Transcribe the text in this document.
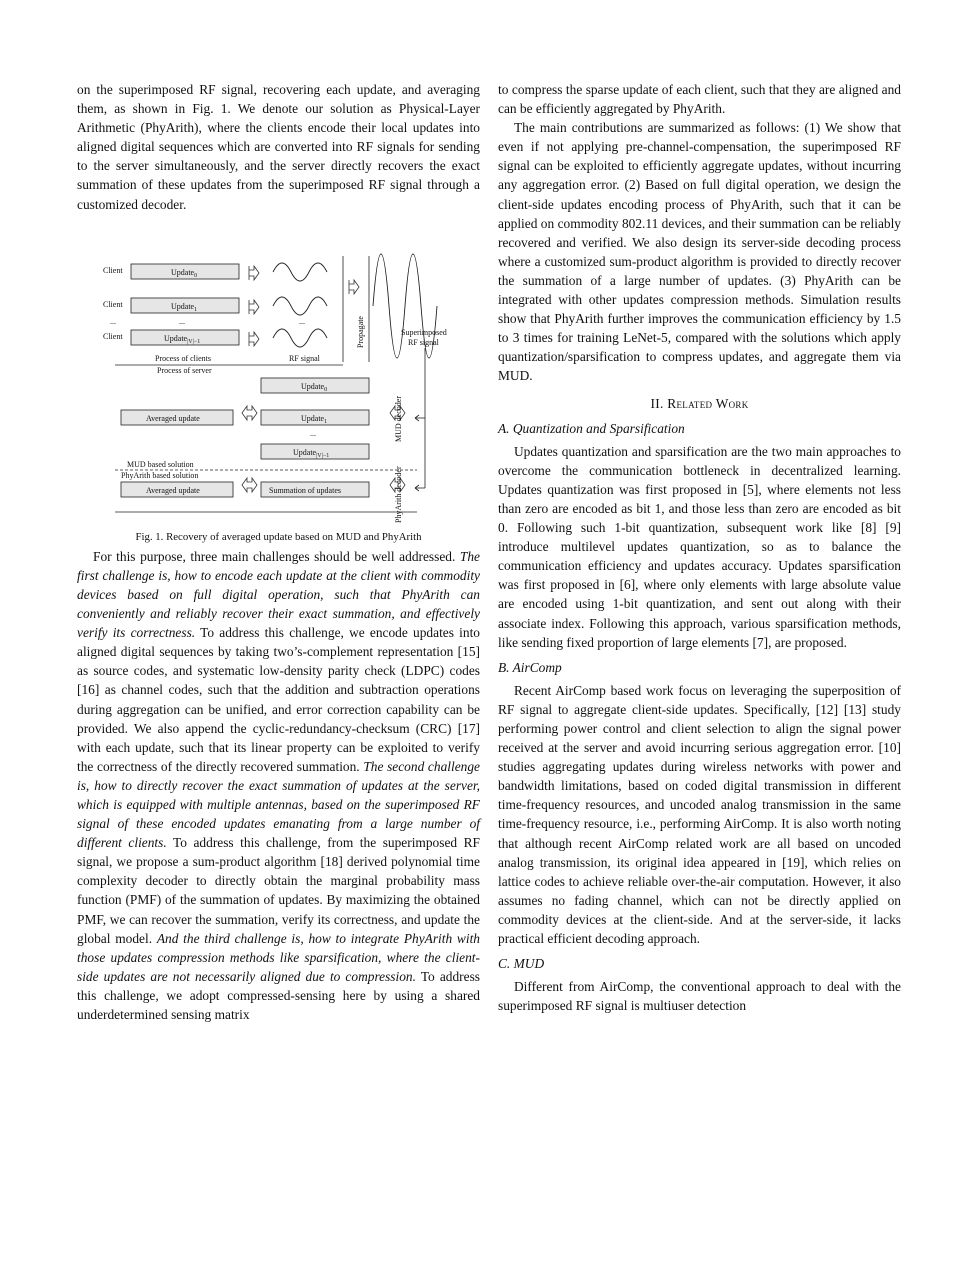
on the superimposed RF signal, recovering each update, and averaging them, as shown in Fig. 1. We denote our solution as Physical-Layer Arithmetic (PhyArith), where the clients encode their local updates into aligned digital sequences which are converted into RF signals for sending to the server simultaneously, and the server directly recovers the exact summation of these updates from the superimposed RF signal through a customized decoder.

Client	Update$_0$
Client	Update$_1$
...	...
Client	Update$_{|V|-1}$
...
RF signal
Propagate	Superimposed
RF signal
Process of clients
Process of server
Update$_0$
Update$_1$
...
Update$_{|V|-1}$
MUD decoder
Averaged update
MUD based solution
PhyArith based solution
Averaged update	Summation of updates	PhyArith decoder

Fig. 1. Recovery of averaged update based on MUD and PhyArith

For this purpose, three main challenges should be well addressed. The first challenge is, how to encode each update at the client with commodity devices based on full digital operation, such that PhyArith can conveniently and reliably recover their exact summation, and effectively verify its correctness. To address this challenge, we encode updates into aligned digital sequences by taking two’s-complement representation [15] as source codes, and systematic low-density parity check (LDPC) codes [16] as channel codes, such that the addition and subtraction operations during aggregation can be unified, and error correction capability can be provided. We also append the cyclic-redundancy-checksum (CRC) [17] with each update, such that its linear property can be exploited to verify the correctness of the directly recovered summation. The second challenge is, how to directly recover the exact summation of updates at the server, which is equipped with multiple antennas, based on the superimposed RF signal of these encoded updates emanating from a large number of different clients. To address this challenge, from the superimposed RF signal, we propose a sum-product algorithm [18] derived polynomial time complexity decoder to directly obtain the marginal probability mass function (PMF) of the summation of updates. By maximizing the obtained PMF, we can recover the summation, verify its correctness, and update the global model. And the third challenge is, how to integrate PhyArith with those updates compression methods like sparsification, where the client-side updates are not necessarily aligned due to compression. To address this challenge, we adopt compressed-sensing here by using a shared underdetermined sensing matrix

to compress the sparse update of each client, such that they are aligned and can be efficiently aggregated by PhyArith.

The main contributions are summarized as follows: (1) We show that even if not applying pre-channel-compensation, the superimposed RF signal can be exploited to efficiently aggregate updates, without incurring any aggregation error. (2) Based on full digital operation, we design the client-side updates encoding process of PhyArith, such that it can be applied on commodity 802.11 devices, and their summation can be reliably recovered and verified. We also design its server-side decoding process where a customized sum-product algorithm is provided to directly recover the summation of a large number of updates. (3) PhyArith can be integrated with other updates compression methods. Simulation results show that PhyArith further improves the communication efficiency by 1.5 to 3 times for training LeNet-5, compared with the solutions which apply quantization/sparsification to compress updates, and aggregate them via MUD.

II. Related Work
A. Quantization and Sparsification

Updates quantization and sparsification are the two main approaches to overcome the communication bottleneck in decentralized learning. Updates quantization was first proposed in [5], where elements not less than zero are encoded as bit 1, and those less than zero are encoded as bit 0. Following such 1-bit quantization, subsequent work like [8] [9] introduce multilevel updates quantization, so as to balance the communication efficiency and updates accuracy. Updates sparsification was first proposed in [6], where only elements with large absolute value are encoded using 1-bit quantization, and sent out along with their associate index. Following this approach, various sparsification methods, like sending fixed proportion of large elements [7], are proposed.

B. AirComp

Recent AirComp based work focus on leveraging the superposition of RF signal to aggregate client-side updates. Specifically, [12] [13] study performing power control and client selection to align the signal power received at the server and avoid incurring serious aggregation error. [10] studies aggregating updates during wireless networks with power and bandwidth limitations, based on coded digital transmission in different time-frequency resources, and uncoded analog transmission in the same time-frequency resource, i.e., performing AirComp. It is also worth noting that although recent AirComp related work are all based on uncoded analog transmission, its original idea appeared in [19], which relies on lattice codes to achieve reliable over-the-air computation. However, it also assumes no fading channel, which can not be directly applied on commodity devices at the client-side. And at the server-side, it lacks practical efficient decoding approach.

C. MUD

Different from AirComp, the conventional approach to deal with the superimposed RF signal is multiuser detection
